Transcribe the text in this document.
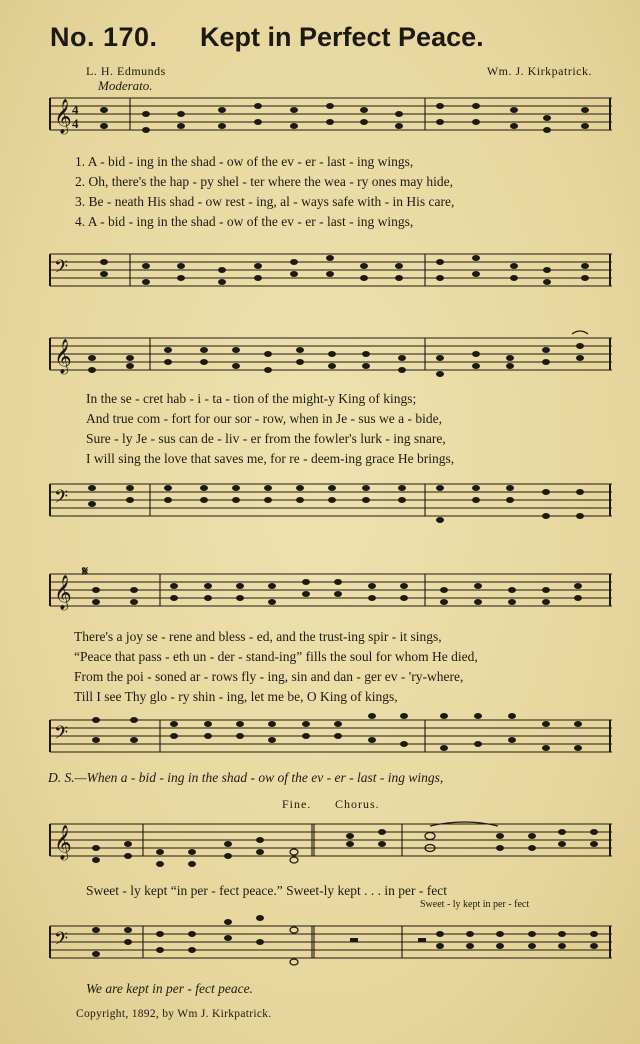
No. 170. Kept in Perfect Peace.
L. H. Edmunds	Wm. J. Kirkpatrick.
Moderato.
𝄞 4
4
1. A - bid - ing in the shad - ow of the ev - er - last - ing wings,
2. Oh, there's the hap - py shel - ter where the wea - ry ones may hide,
3. Be - neath His shad - ow rest - ing, al - ways safe with - in His care,
4. A - bid - ing in the shad - ow of the ev - er - last - ing wings,
𝄢
𝄞
In the se - cret hab - i - ta - tion of the might-y King of kings;
And true com - fort for our sor - row, when in Je - sus we a - bide,
Sure - ly Je - sus can de - liv - er from the fowler's lurk - ing snare,
I will sing the love that saves me, for re - deem-ing grace He brings,
𝄢
𝄞
𝄋
There's a joy se - rene and bless - ed, and the trust-ing spir - it sings,
“Peace that pass - eth un - der - stand-ing” fills the soul for whom He died,
From the poi - soned ar - rows fly - ing, sin and dan - ger ev - 'ry-where,
Till I see Thy glo - ry shin - ing, let me be, O King of kings,
𝄢
D. S.—When a - bid - ing in the shad - ow of the ev - er - last - ing wings,
Fine. Chorus.
𝄞
Sweet - ly kept “in per - fect peace.” Sweet-ly kept . . . in per - fect
Sweet - ly kept in per - fect
𝄢
We are kept in per - fect peace.
Copyright, 1892, by Wm J. Kirkpatrick.
